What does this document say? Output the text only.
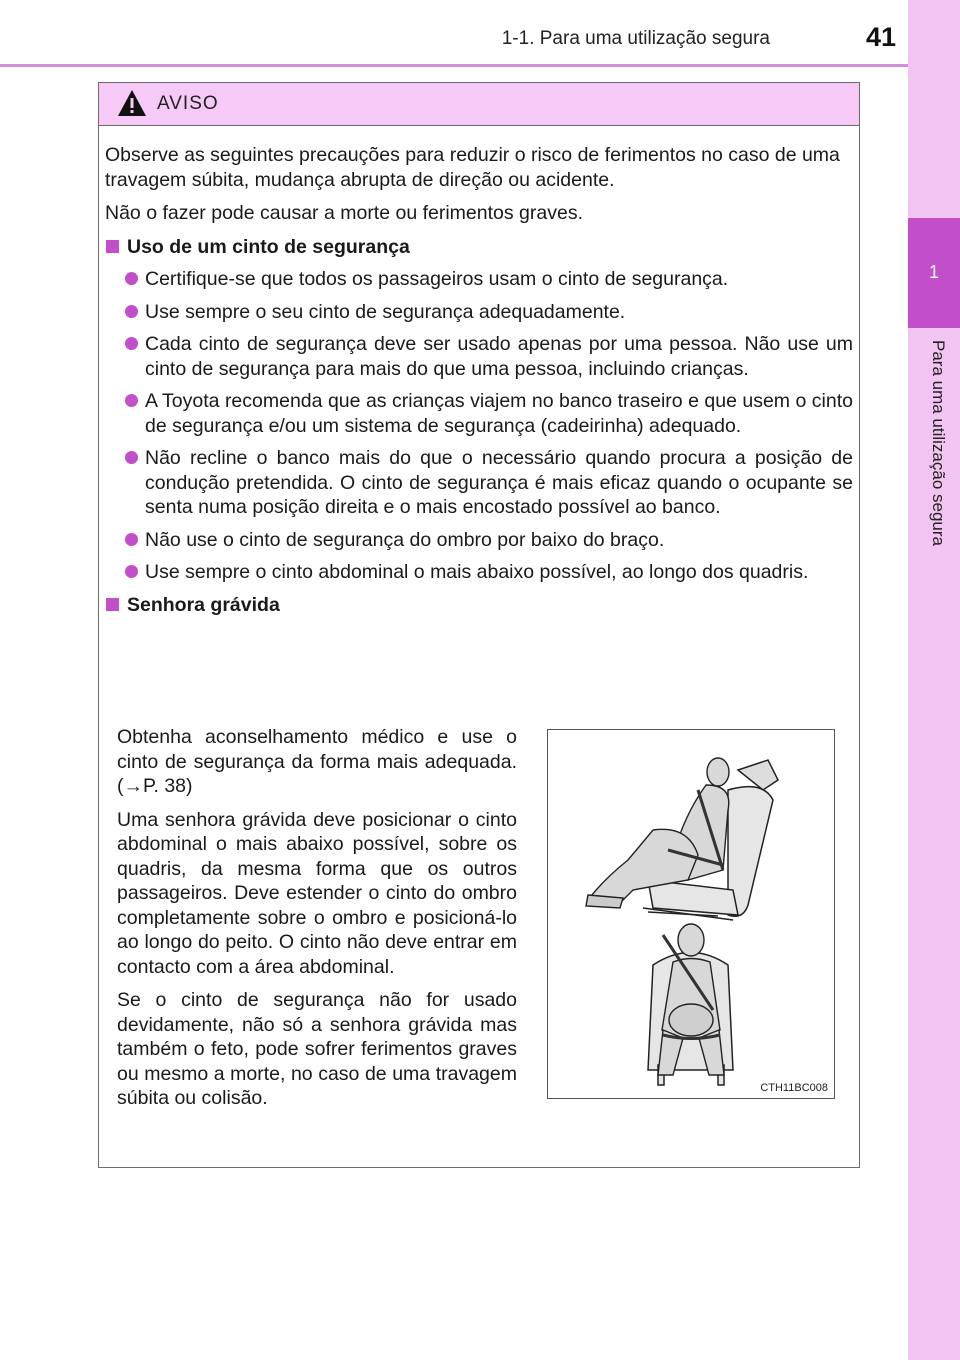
1-1. Para uma utilização segura	41
1
Para uma utilização segura
AVISO

Observe as seguintes precauções para reduzir o risco de ferimentos no caso de uma travagem súbita, mudança abrupta de direção ou acidente.

Não o fazer pode causar a morte ou ferimentos graves.

Uso de um cinto de segurança
Certifique-se que todos os passageiros usam o cinto de segurança.
Use sempre o seu cinto de segurança adequadamente.
Cada cinto de segurança deve ser usado apenas por uma pessoa. Não use um cinto de segurança para mais do que uma pessoa, incluindo crianças.
A Toyota recomenda que as crianças viajem no banco traseiro e que usem o cinto de segurança e/ou um sistema de segurança (cadeirinha) adequado.
Não recline o banco mais do que o necessário quando procura a posição de condução pretendida. O cinto de segurança é mais eficaz quando o ocupante se senta numa posição direita e o mais encostado possível ao banco.
Não use o cinto de segurança do ombro por baixo do braço.
Use sempre o cinto abdominal o mais abaixo possível, ao longo dos quadris.
Senhora grávida

Obtenha aconselhamento médico e use o cinto de segurança da forma mais adequada. (→P. 38)

Uma senhora grávida deve posicionar o cinto abdominal o mais abaixo possível, sobre os quadris, da mesma forma que os outros passageiros. Deve estender o cinto do ombro completamente sobre o ombro e posicioná-lo ao longo do peito. O cinto não deve entrar em contacto com a área abdominal.

Se o cinto de segurança não for usado devidamente, não só a senhora grávida mas também o feto, pode sofrer ferimentos graves ou mesmo a morte, no caso de uma travagem súbita ou colisão.	CTH11BC008
